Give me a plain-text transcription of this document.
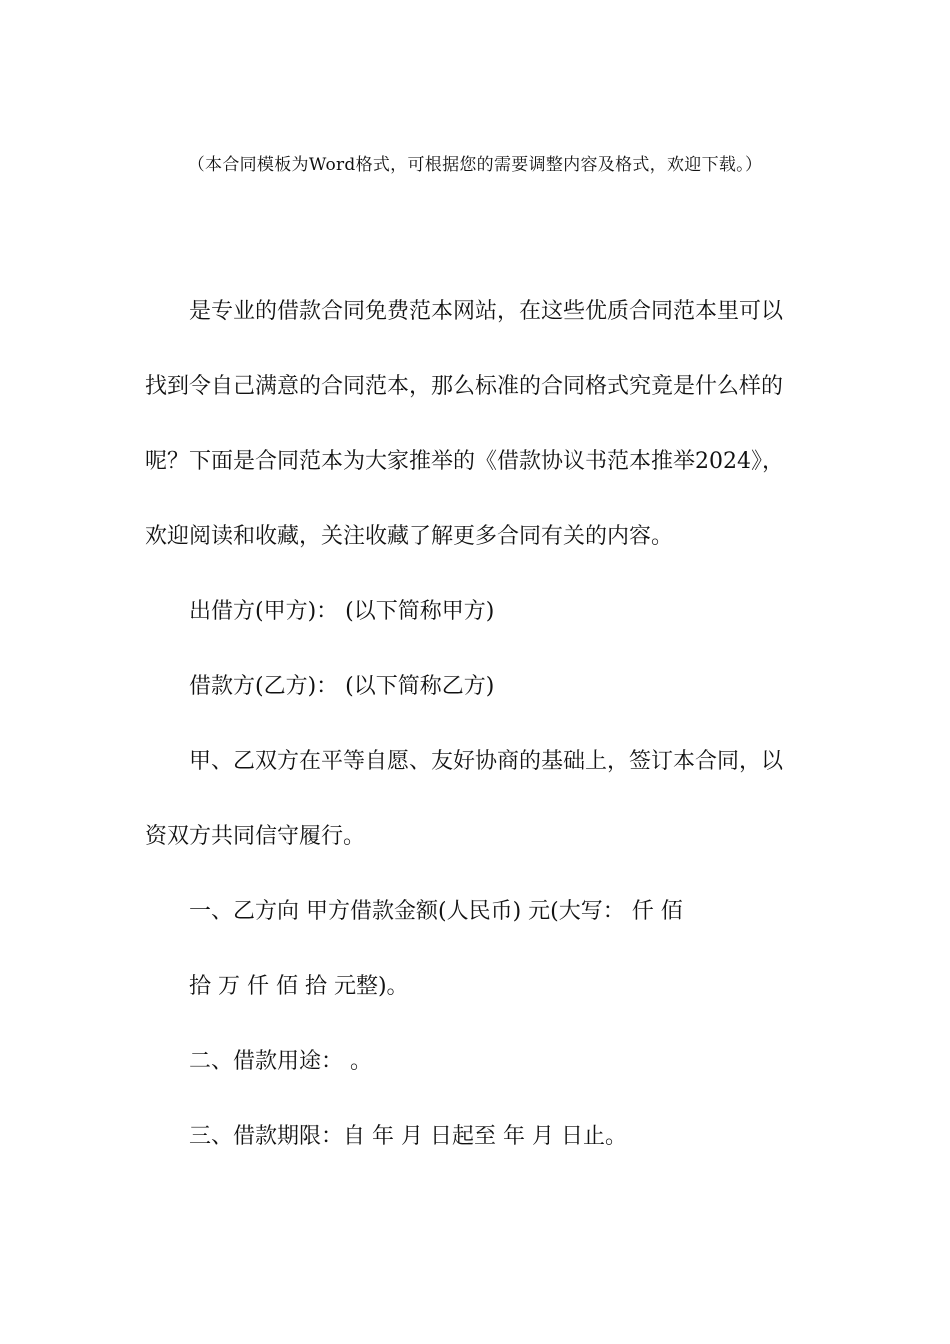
（本合同模板为Word格式，可根据您的需要调整内容及格式，欢迎下载。）
是专业的借款合同免费范本网站，在这些优质合同范本里可以
找到令自己满意的合同范本，那么标准的合同格式究竟是什么样的
呢？下面是合同范本为大家推举的《借款协议书范本推举2024》，
欢迎阅读和收藏，关注收藏了解更多合同有关的内容。
出借方(甲方)： (以下简称甲方)
借款方(乙方)： (以下简称乙方)
甲、乙双方在平等自愿、友好协商的基础上，签订本合同，以
资双方共同信守履行。
一、乙方向 甲方借款金额(人民币) 元(大写： 仟 佰
拾 万 仟 佰 拾 元整)。
二、借款用途： 。
三、借款期限：自 年 月 日起至 年 月 日止。
